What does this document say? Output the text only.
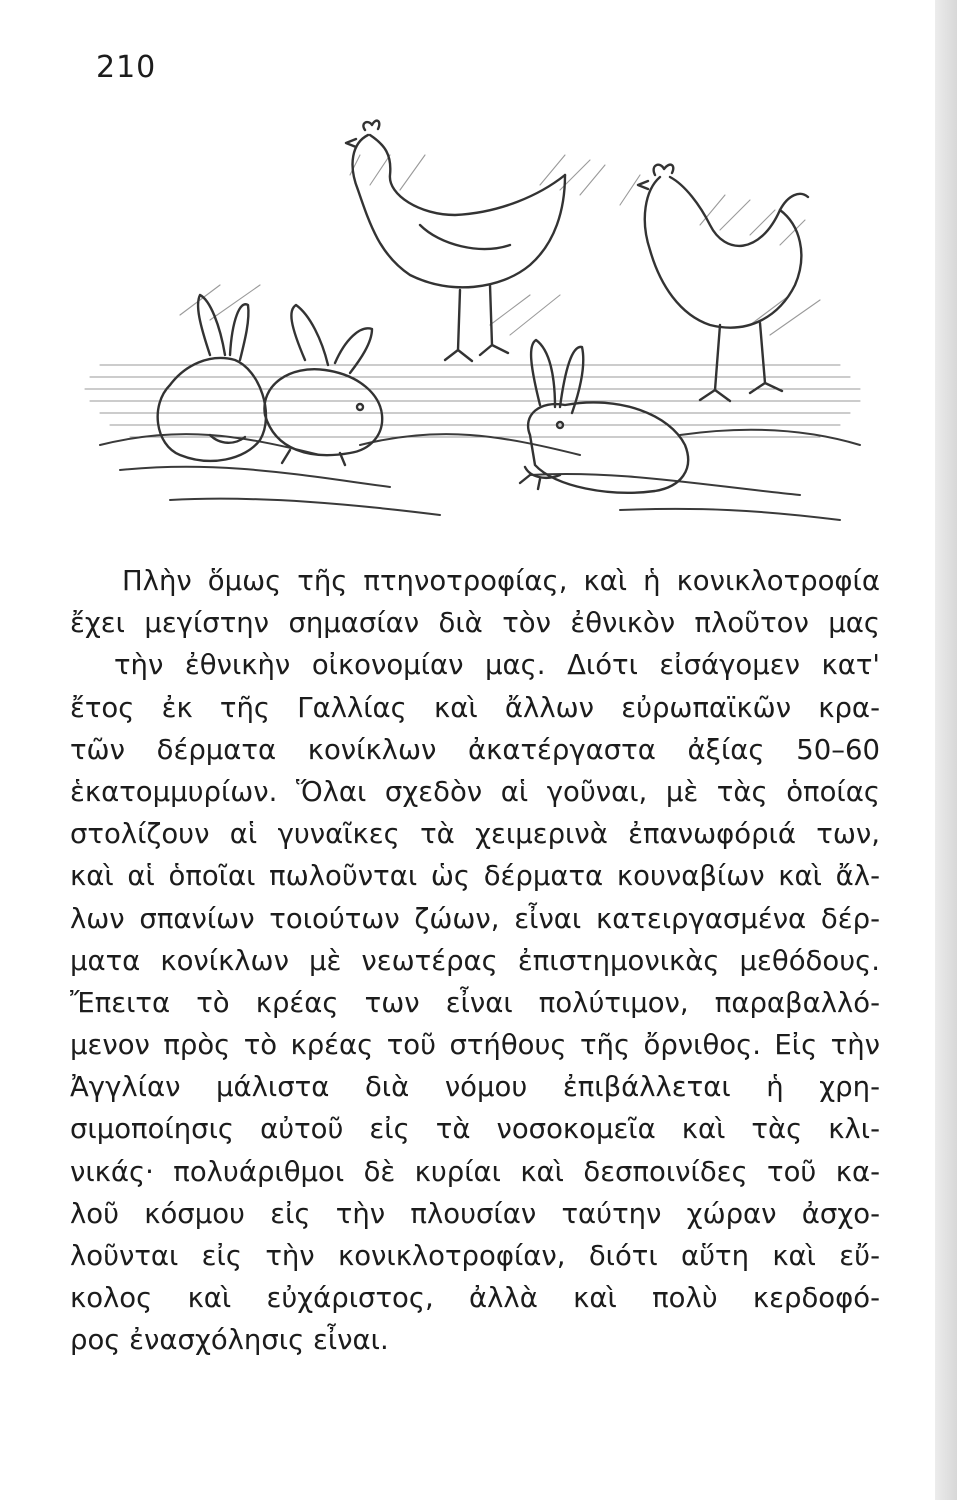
210
Πλὴν ὅμως τῆς πτηνοτροφίας, καὶ ἡ κονικλοτροφία
ἔχει μεγίστην σημασίαν διὰ τὸν ἐθνικὸν πλοῦτον μας
τὴν ἐθνικὴν οἰκονομίαν μας. Διότι εἰσάγομεν κατ'
ἔτος ἐκ τῆς Γαλλίας καὶ ἄλλων εὐρωπαϊκῶν κρα-
τῶν δέρματα κονίκλων ἀκατέργαστα ἀξίας 50–60
ἑκατομμυρίων. Ὅλαι σχεδὸν αἱ γοῦναι, μὲ τὰς ὁποίας
στολίζουν αἱ γυναῖκες τὰ χειμερινὰ ἐπανωφόριά των,
καὶ αἱ ὁποῖαι πωλοῦνται ὡς δέρματα κουναβίων καὶ ἄλ-
λων σπανίων τοιούτων ζώων, εἶναι κατειργασμένα δέρ-
ματα κονίκλων μὲ νεωτέρας ἐπιστημονικὰς μεθόδους.
Ἔπειτα τὸ κρέας των εἶναι πολύτιμον, παραβαλλό-
μενον πρὸς τὸ κρέας τοῦ στήθους τῆς ὄρνιθος. Εἰς τὴν
Ἀγγλίαν μάλιστα διὰ νόμου ἐπιβάλλεται ἡ χρη-
σιμοποίησις αὐτοῦ εἰς τὰ νοσοκομεῖα καὶ τὰς κλι-
νικάς· πολυάριθμοι δὲ κυρίαι καὶ δεσποινίδες τοῦ κα-
λοῦ κόσμου εἰς τὴν πλουσίαν ταύτην χώραν ἀσχο-
λοῦνται εἰς τὴν κονικλοτροφίαν, διότι αὕτη καὶ εὔ-
κολος καὶ εὐχάριστος, ἀλλὰ καὶ πολὺ κερδοφό-
ρος ἐνασχόλησις εἶναι.
